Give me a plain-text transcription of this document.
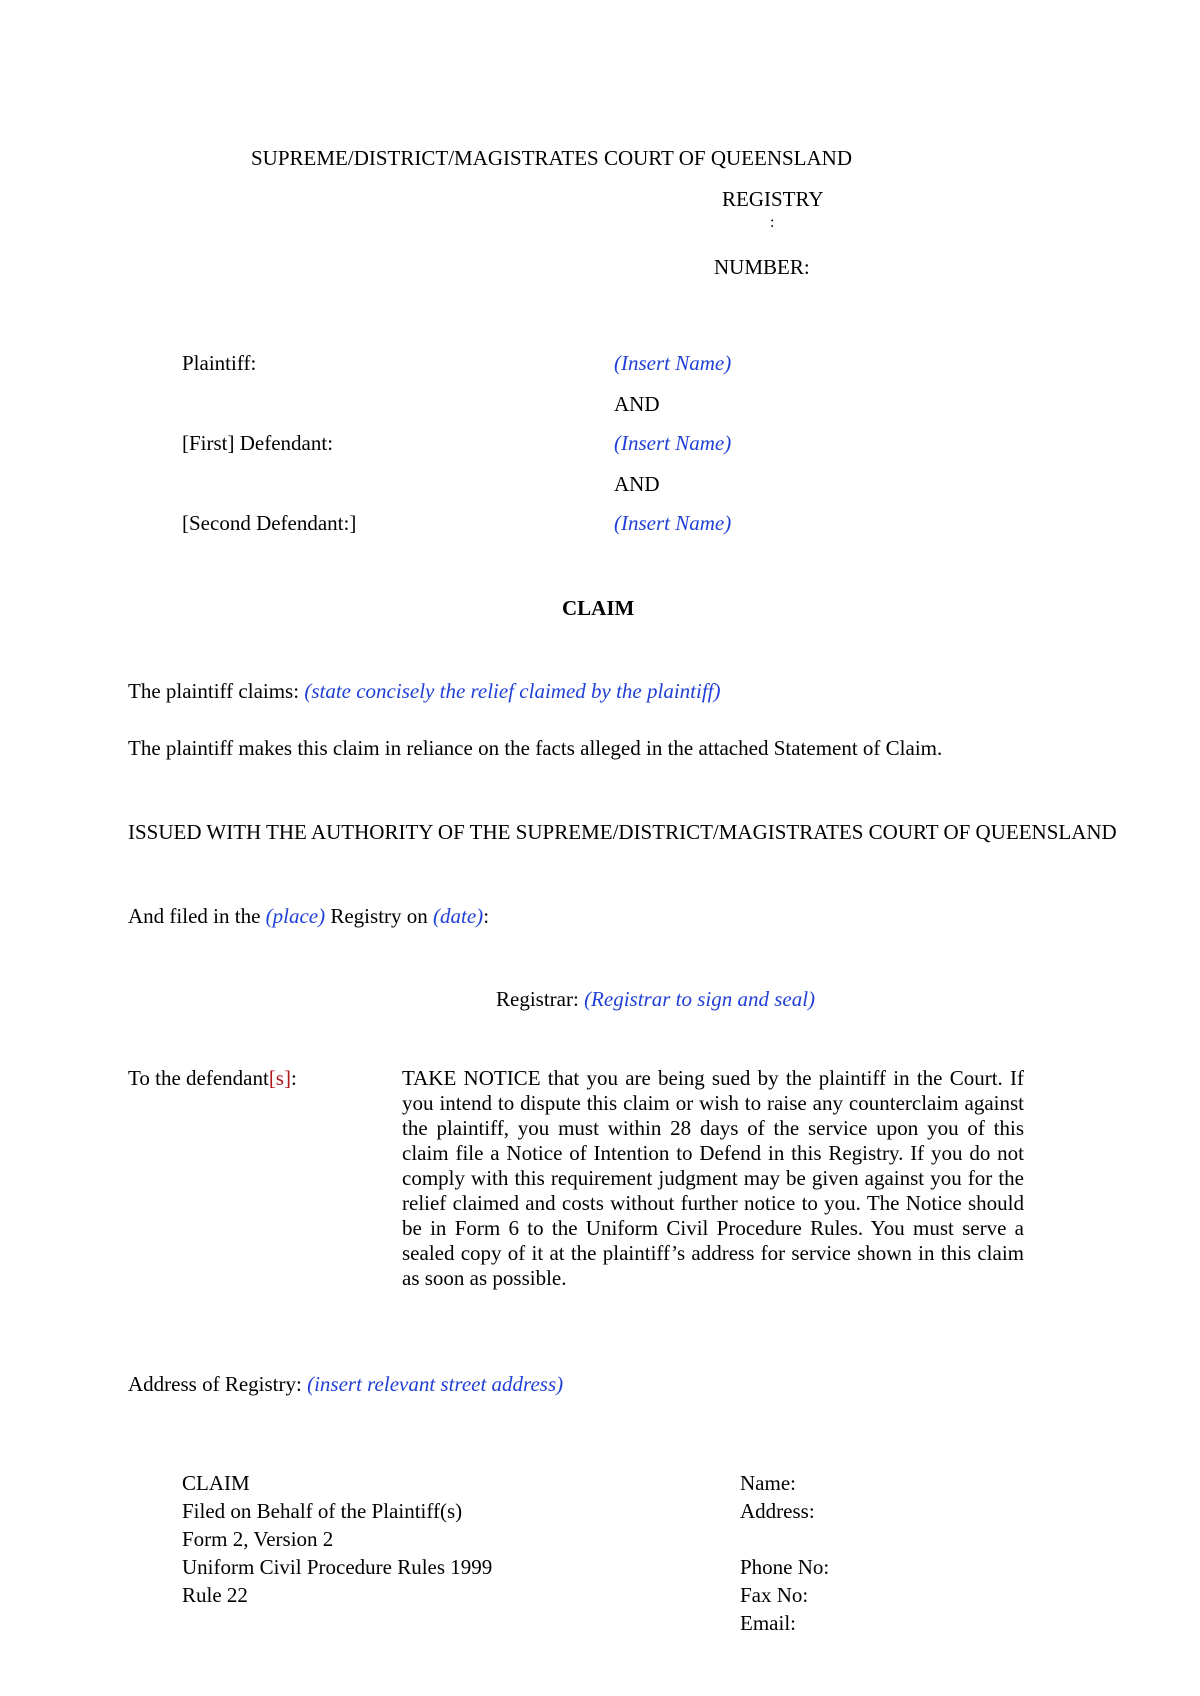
SUPREME/DISTRICT/MAGISTRATES COURT OF QUEENSLAND
REGISTRY
:
NUMBER:
Plaintiff:	(Insert Name)
AND
[First] Defendant:	(Insert Name)
AND
[Second Defendant:]	(Insert Name)
CLAIM
The plaintiff claims: (state concisely the relief claimed by the plaintiff)
The plaintiff makes this claim in reliance on the facts alleged in the attached Statement of Claim.
ISSUED WITH THE AUTHORITY OF THE SUPREME/DISTRICT/MAGISTRATES COURT OF QUEENSLAND
And filed in the (place) Registry on (date):
Registrar: (Registrar to sign and seal)
To the defendant[s]:	TAKE NOTICE that you are being sued by the plaintiff in the Court. If you intend to dispute this claim or wish to raise any counterclaim against the plaintiff, you must within 28 days of the service upon you of this claim file a Notice of Intention to Defend in this Registry. If you do not comply with this requirement judgment may be given against you for the relief claimed and costs without further notice to you. The Notice should be in Form 6 to the Uniform Civil Procedure Rules. You must serve a sealed copy of it at the plaintiff’s address for service shown in this claim as soon as possible.
Address of Registry: (insert relevant street address)
CLAIM
Filed on Behalf of the Plaintiff(s)
Form 2, Version 2
Uniform Civil Procedure Rules 1999
Rule 22
Name:
Address:
Phone No:
Fax No:
Email:
